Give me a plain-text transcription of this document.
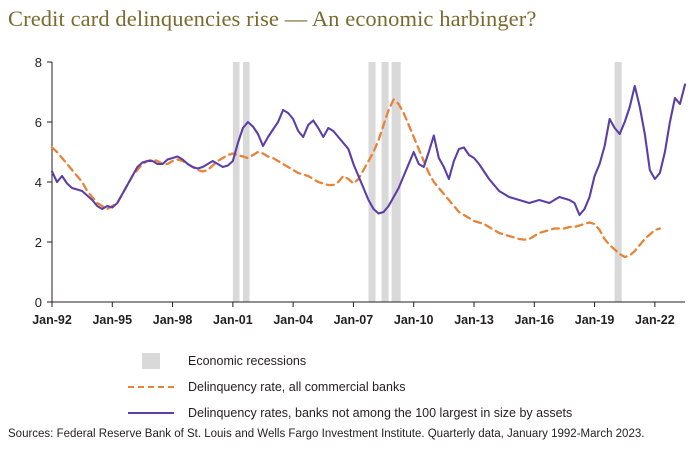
Credit card delinquencies rise — An economic harbinger?
0
2
4
6
8
Jan-92 Jan-95 Jan-98 Jan-01 Jan-04 Jan-07 Jan-10 Jan-13 Jan-16 Jan-19 Jan-22
Economic recessions
Delinquency rate, all commercial banks
Delinquency rates, banks not among the 100 largest in size by assets
Sources: Federal Reserve Bank of St. Louis and Wells Fargo Investment Institute. Quarterly data, January 1992-March 2023.
